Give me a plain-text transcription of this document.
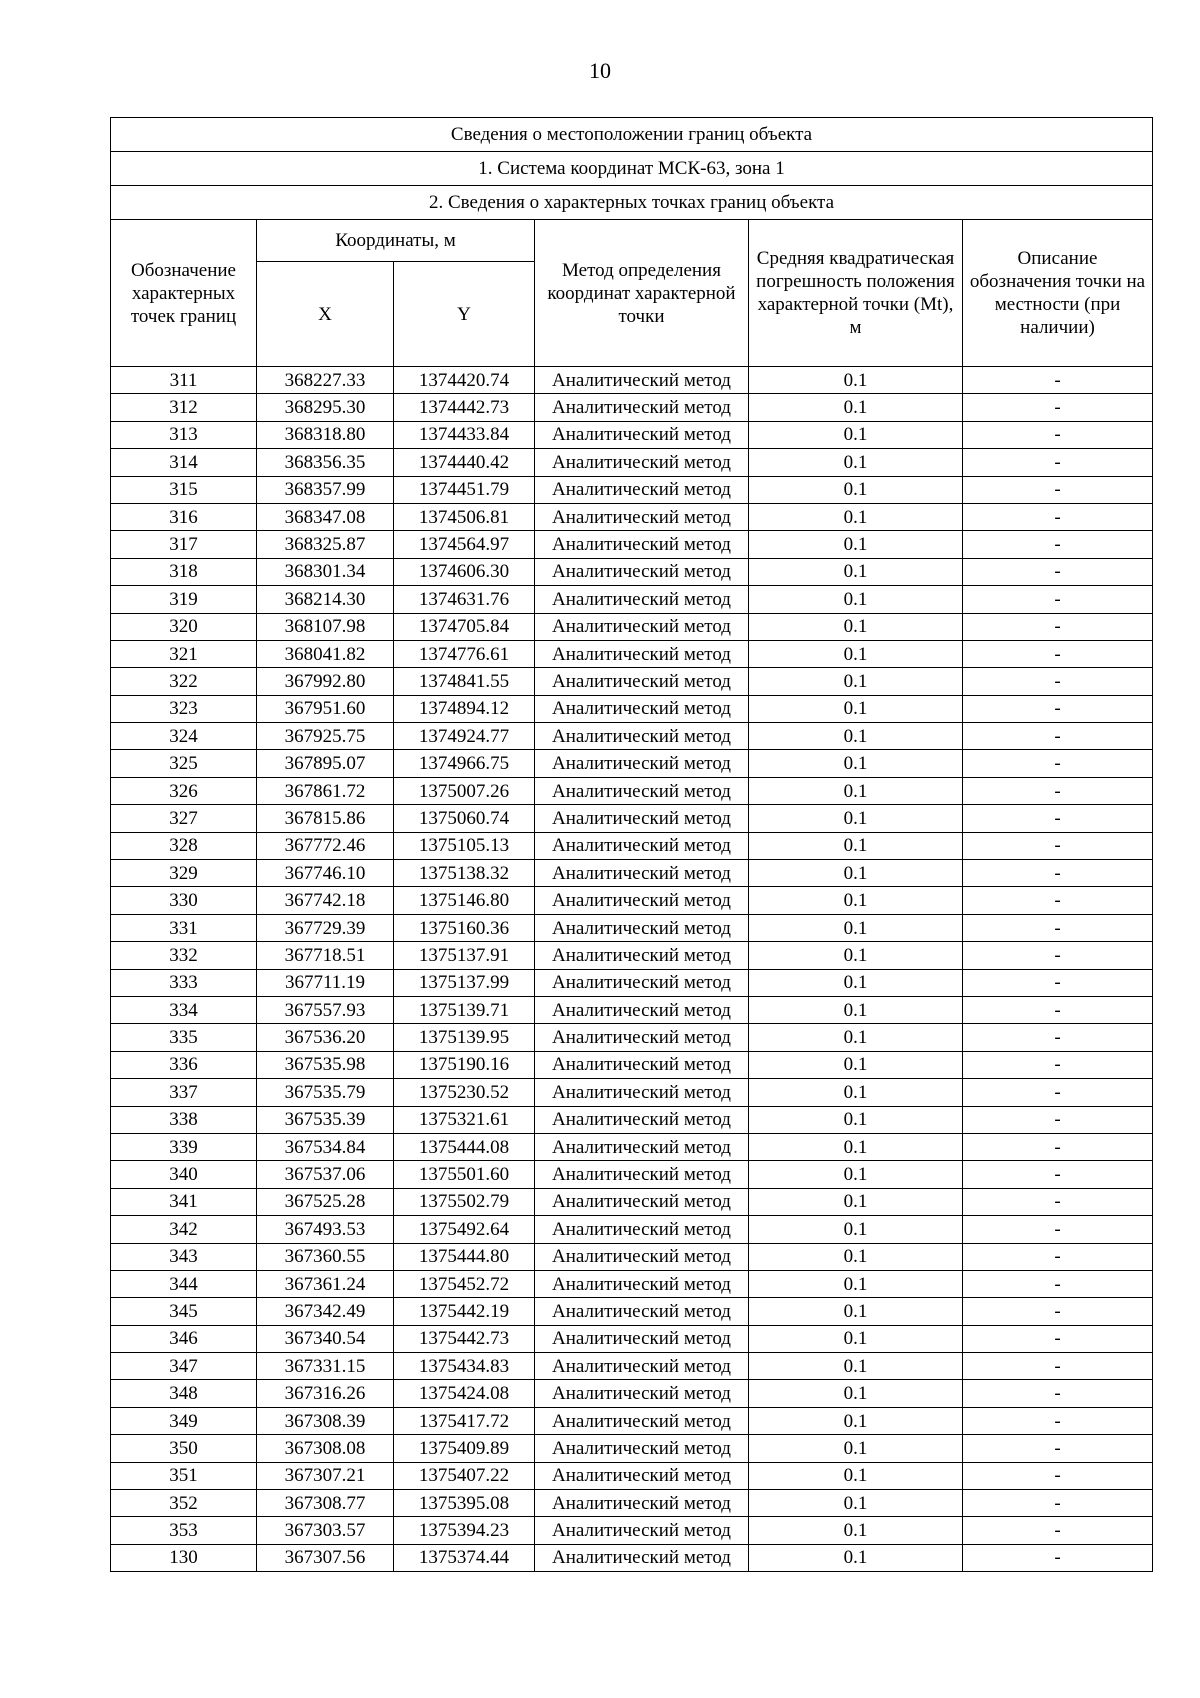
10
Сведения о местоположении границ объекта					
1. Система координат МСК-63, зона 1					
2. Сведения о характерных точках границ объекта					
Обозначение характерных точек границ	Координаты, м		Метод определения координат характерной точки	Средняя квадратическая погрешность положения характерной точки (Mt), м	Описание обозначения точки на местности (при наличии)
	X	Y			
311	368227.33	1374420.74	Аналитический метод	0.1	-
312	368295.30	1374442.73	Аналитический метод	0.1	-
313	368318.80	1374433.84	Аналитический метод	0.1	-
314	368356.35	1374440.42	Аналитический метод	0.1	-
315	368357.99	1374451.79	Аналитический метод	0.1	-
316	368347.08	1374506.81	Аналитический метод	0.1	-
317	368325.87	1374564.97	Аналитический метод	0.1	-
318	368301.34	1374606.30	Аналитический метод	0.1	-
319	368214.30	1374631.76	Аналитический метод	0.1	-
320	368107.98	1374705.84	Аналитический метод	0.1	-
321	368041.82	1374776.61	Аналитический метод	0.1	-
322	367992.80	1374841.55	Аналитический метод	0.1	-
323	367951.60	1374894.12	Аналитический метод	0.1	-
324	367925.75	1374924.77	Аналитический метод	0.1	-
325	367895.07	1374966.75	Аналитический метод	0.1	-
326	367861.72	1375007.26	Аналитический метод	0.1	-
327	367815.86	1375060.74	Аналитический метод	0.1	-
328	367772.46	1375105.13	Аналитический метод	0.1	-
329	367746.10	1375138.32	Аналитический метод	0.1	-
330	367742.18	1375146.80	Аналитический метод	0.1	-
331	367729.39	1375160.36	Аналитический метод	0.1	-
332	367718.51	1375137.91	Аналитический метод	0.1	-
333	367711.19	1375137.99	Аналитический метод	0.1	-
334	367557.93	1375139.71	Аналитический метод	0.1	-
335	367536.20	1375139.95	Аналитический метод	0.1	-
336	367535.98	1375190.16	Аналитический метод	0.1	-
337	367535.79	1375230.52	Аналитический метод	0.1	-
338	367535.39	1375321.61	Аналитический метод	0.1	-
339	367534.84	1375444.08	Аналитический метод	0.1	-
340	367537.06	1375501.60	Аналитический метод	0.1	-
341	367525.28	1375502.79	Аналитический метод	0.1	-
342	367493.53	1375492.64	Аналитический метод	0.1	-
343	367360.55	1375444.80	Аналитический метод	0.1	-
344	367361.24	1375452.72	Аналитический метод	0.1	-
345	367342.49	1375442.19	Аналитический метод	0.1	-
346	367340.54	1375442.73	Аналитический метод	0.1	-
347	367331.15	1375434.83	Аналитический метод	0.1	-
348	367316.26	1375424.08	Аналитический метод	0.1	-
349	367308.39	1375417.72	Аналитический метод	0.1	-
350	367308.08	1375409.89	Аналитический метод	0.1	-
351	367307.21	1375407.22	Аналитический метод	0.1	-
352	367308.77	1375395.08	Аналитический метод	0.1	-
353	367303.57	1375394.23	Аналитический метод	0.1	-
130	367307.56	1375374.44	Аналитический метод	0.1	-
